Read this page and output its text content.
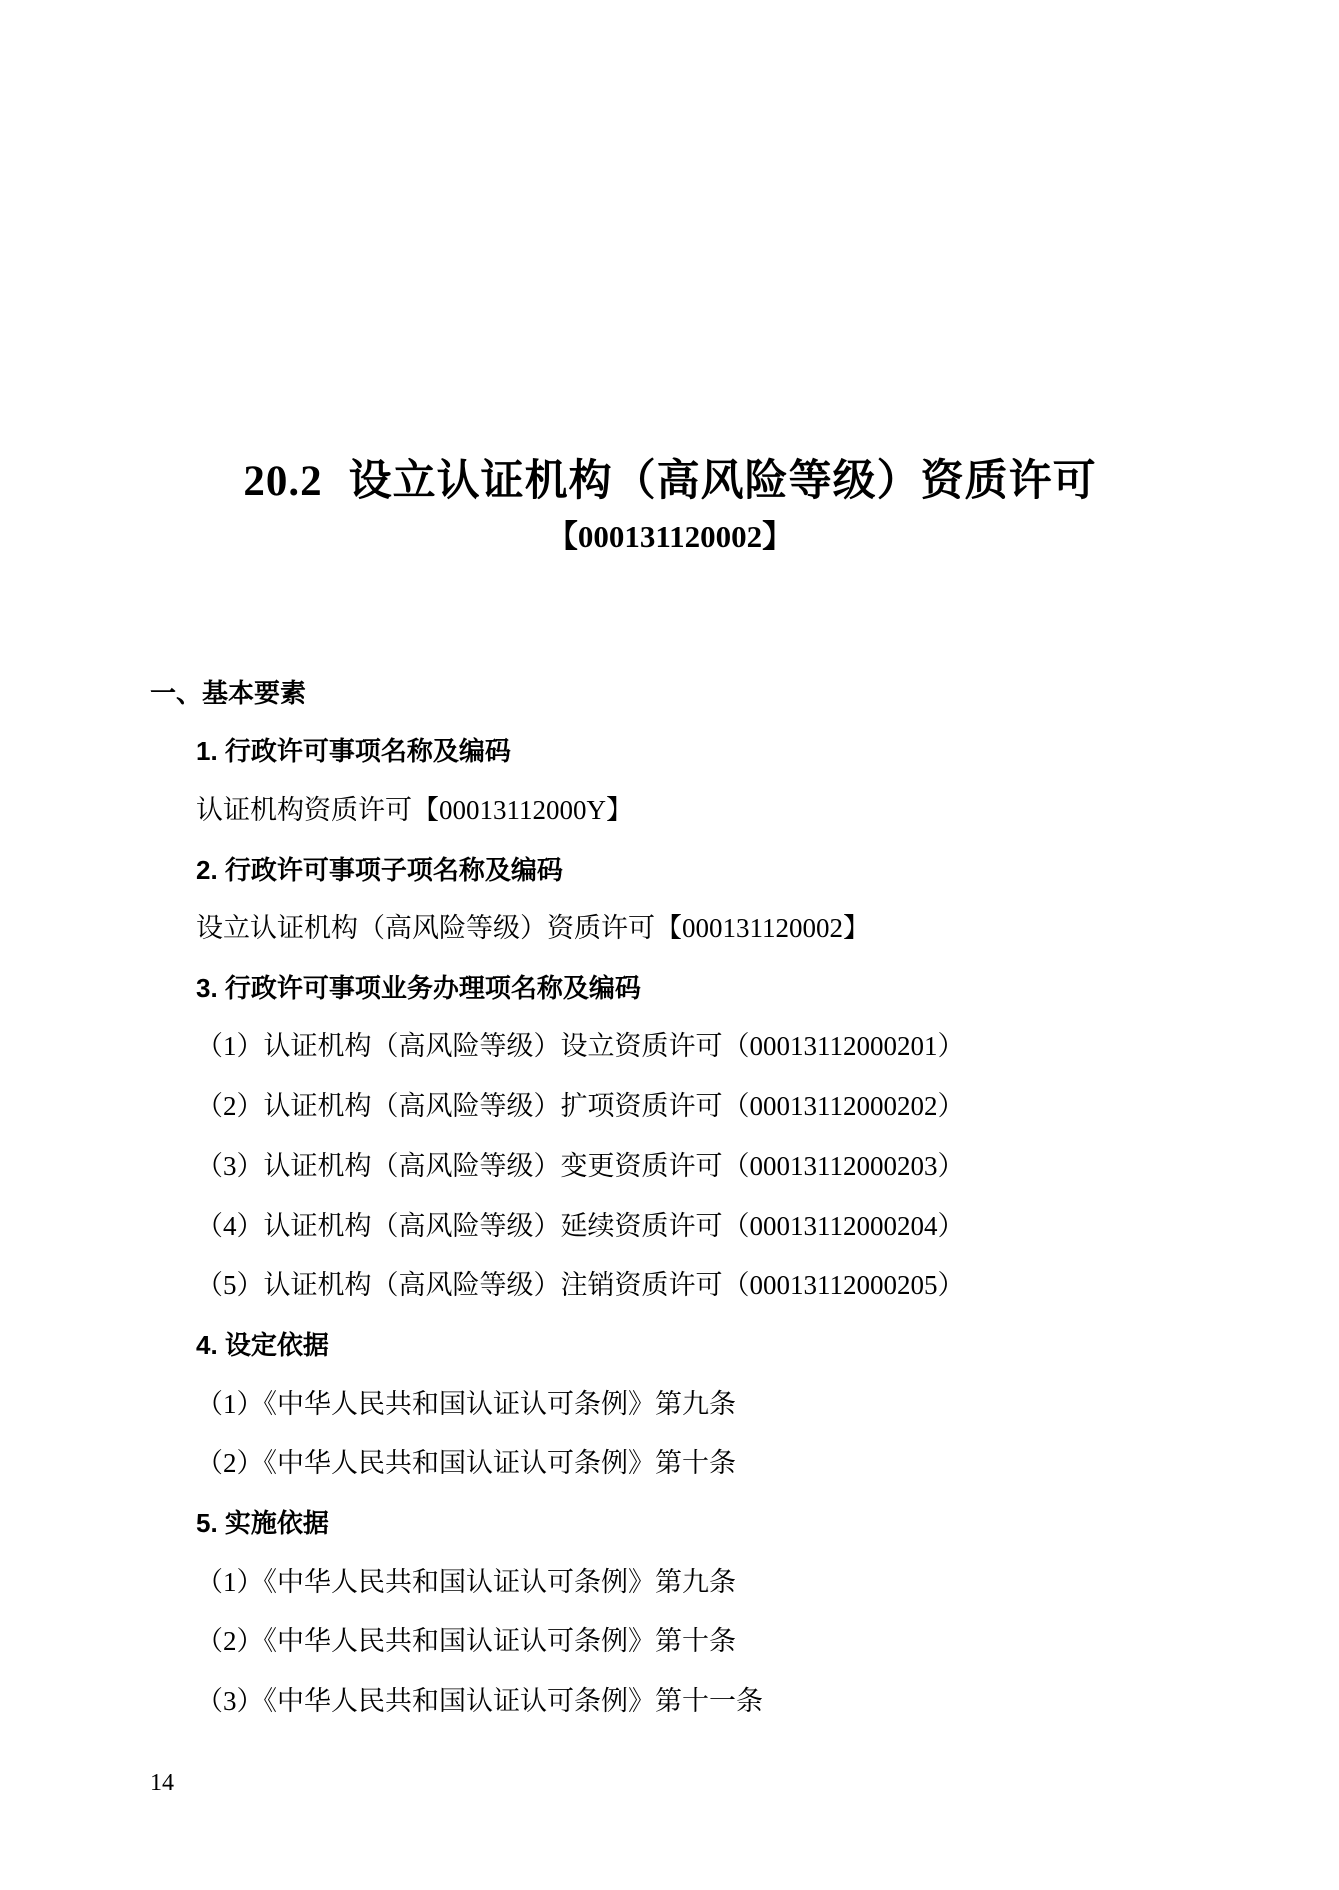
20.2 设立认证机构（高风险等级）资质许可
【000131120002】
一、基本要素
1. 行政许可事项名称及编码

认证机构资质许可【00013112000Y】

2. 行政许可事项子项名称及编码

设立认证机构（高风险等级）资质许可【000131120002】

3. 行政许可事项业务办理项名称及编码

（1）认证机构（高风险等级）设立资质许可（00013112000201）

（2）认证机构（高风险等级）扩项资质许可（00013112000202）

（3）认证机构（高风险等级）变更资质许可（00013112000203）

（4）认证机构（高风险等级）延续资质许可（00013112000204）

（5）认证机构（高风险等级）注销资质许可（00013112000205）

4. 设定依据

（1）《中华人民共和国认证认可条例》第九条

（2）《中华人民共和国认证认可条例》第十条

5. 实施依据

（1）《中华人民共和国认证认可条例》第九条

（2）《中华人民共和国认证认可条例》第十条

（3）《中华人民共和国认证认可条例》第十一条

14
